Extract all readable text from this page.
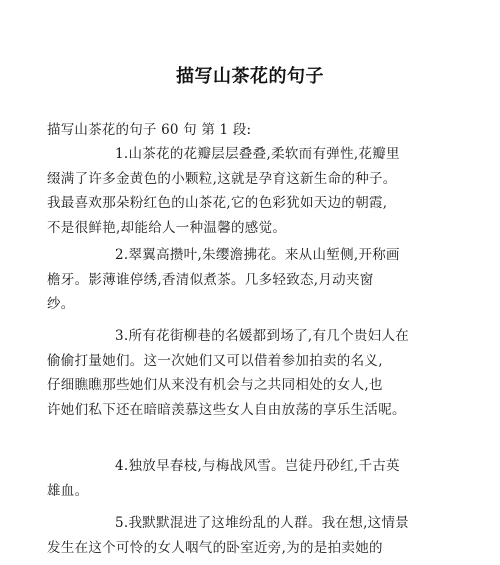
描写山茶花的句子
描写山茶花的句子 60 句 第 1 段:
1.山茶花的花瓣层层叠叠,柔软而有弹性,花瓣里
缀满了许多金黄色的小颗粒,这就是孕育这新生命的种子。
我最喜欢那朵粉红色的山茶花,它的色彩犹如天边的朝霞,
不是很鲜艳,却能给人一种温馨的感觉。
2.翠翼高攒叶,朱缨澹拂花。来从山堑侧,开称画
檐牙。影薄谁停绣,香清似煮茶。几多轻致态,月动夹窗
纱。
3.所有花街柳巷的名媛都到场了,有几个贵妇人在
偷偷打量她们。这一次她们又可以借着参加拍卖的名义,
仔细瞧瞧那些她们从来没有机会与之共同相处的女人,也
许她们私下还在暗暗羡慕这些女人自由放荡的享乐生活呢。
4.独放早春枝,与梅战风雪。岂徒丹砂红,千古英
雄血。
5.我默默混进了这堆纷乱的人群。我在想,这情景
发生在这个可怜的女人咽气的卧室近旁,为的是拍卖她的
